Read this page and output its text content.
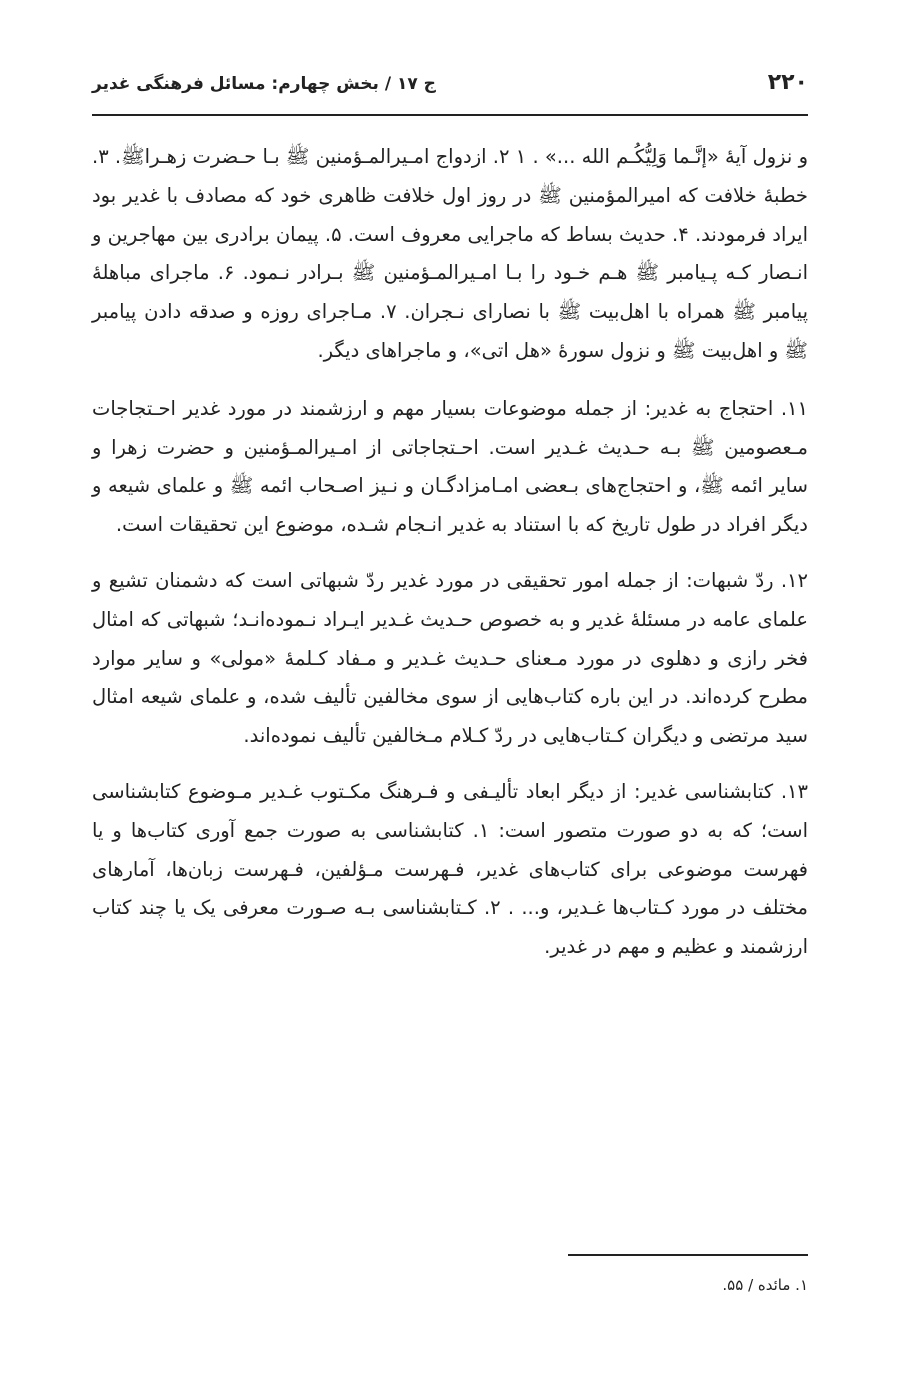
۲۲۰
ج ۱۷ / بخش چهارم: مسائل فرهنگی غدیر

و نزول آيۀ «إنَّـما وَلِيُّكُـم الله ...» . ۱ ۲. ازدواج امـيرالمـؤمنين ﷺ بـا حـضرت زهـراﷺ. ۳. خطبۀ خلافت که اميرالمؤمنين ﷺ در روز اول خلافت ظاهری خود که مصادف با غدير بود ايراد فرمودند. ۴. حديث بساط که ماجرايی معروف است. ۵. پيمان برادری بين مهاجرين و انـصار کـه پـيامبر ﷺ هـم خـود را بـا امـيرالمـؤمنين ﷺ بـرادر نـمود. ۶. ماجرای مباهلۀ پيامبر ﷺ همراه با اهل‌بيت ﷺ با نصارای نـجران. ۷. مـاجرای روزه و صدقه دادن پيامبر ﷺ و اهل‌بيت ﷺ و نزول سورۀ «هل اتی»، و ماجراهای ديگر.

۱۱. احتجاج به غدير: از جمله موضوعات بسيار مهم و ارزشمند در مورد غدير احـتجاجات مـعصومين ﷺ بـه حـديث غـدير است. احـتجاجاتی از امـيرالمـؤمنين و حضرت زهرا و ساير ائمه ﷺ، و احتجاج‌های بـعضی امـامزادگـان و نـيز اصـحاب ائمه ﷺ و علمای شيعه و ديگر افراد در طول تاريخ که با استناد به غدير انـجام شـده، موضوع اين تحقيقات است.

۱۲. ردّ شبهات: از جمله امور تحقيقی در مورد غدير ردّ شبهاتی است که دشمنان تشيع و علمای عامه در مسئلۀ غدير و به خصوص حـديث غـدير ايـراد نـموده‌انـد؛ شبهاتی که امثال فخر رازی و دهلوی در مورد مـعنای حـديث غـدير و مـفاد کـلمۀ «مولی» و ساير موارد مطرح کرده‌اند. در اين باره کتاب‌هايی از سوی مخالفين تأليف شده، و علمای شيعه امثال سيد مرتضی و ديگران کـتاب‌هايی در ردّ کـلام مـخالفين تأليف نموده‌اند.

۱۳. کتابشناسی غدير: از ديگر ابعاد تأليـفی و فـرهنگ مکـتوب غـدير مـوضوع کتابشناسی است؛ که به دو صورت متصور است: ۱. کتابشناسی به صورت جمع آوری کتاب‌ها و يا فهرست موضوعی برای کتاب‌های غدير، فـهرست مـؤلفين، فـهرست زبان‌ها، آمارهای مختلف در مورد کـتاب‌ها غـدير، و... . ۲. کـتابشناسی بـه صـورت معرفی يک يا چند کتاب ارزشمند و عظيم و مهم در غدير.

۱. مائده / ۵۵.
